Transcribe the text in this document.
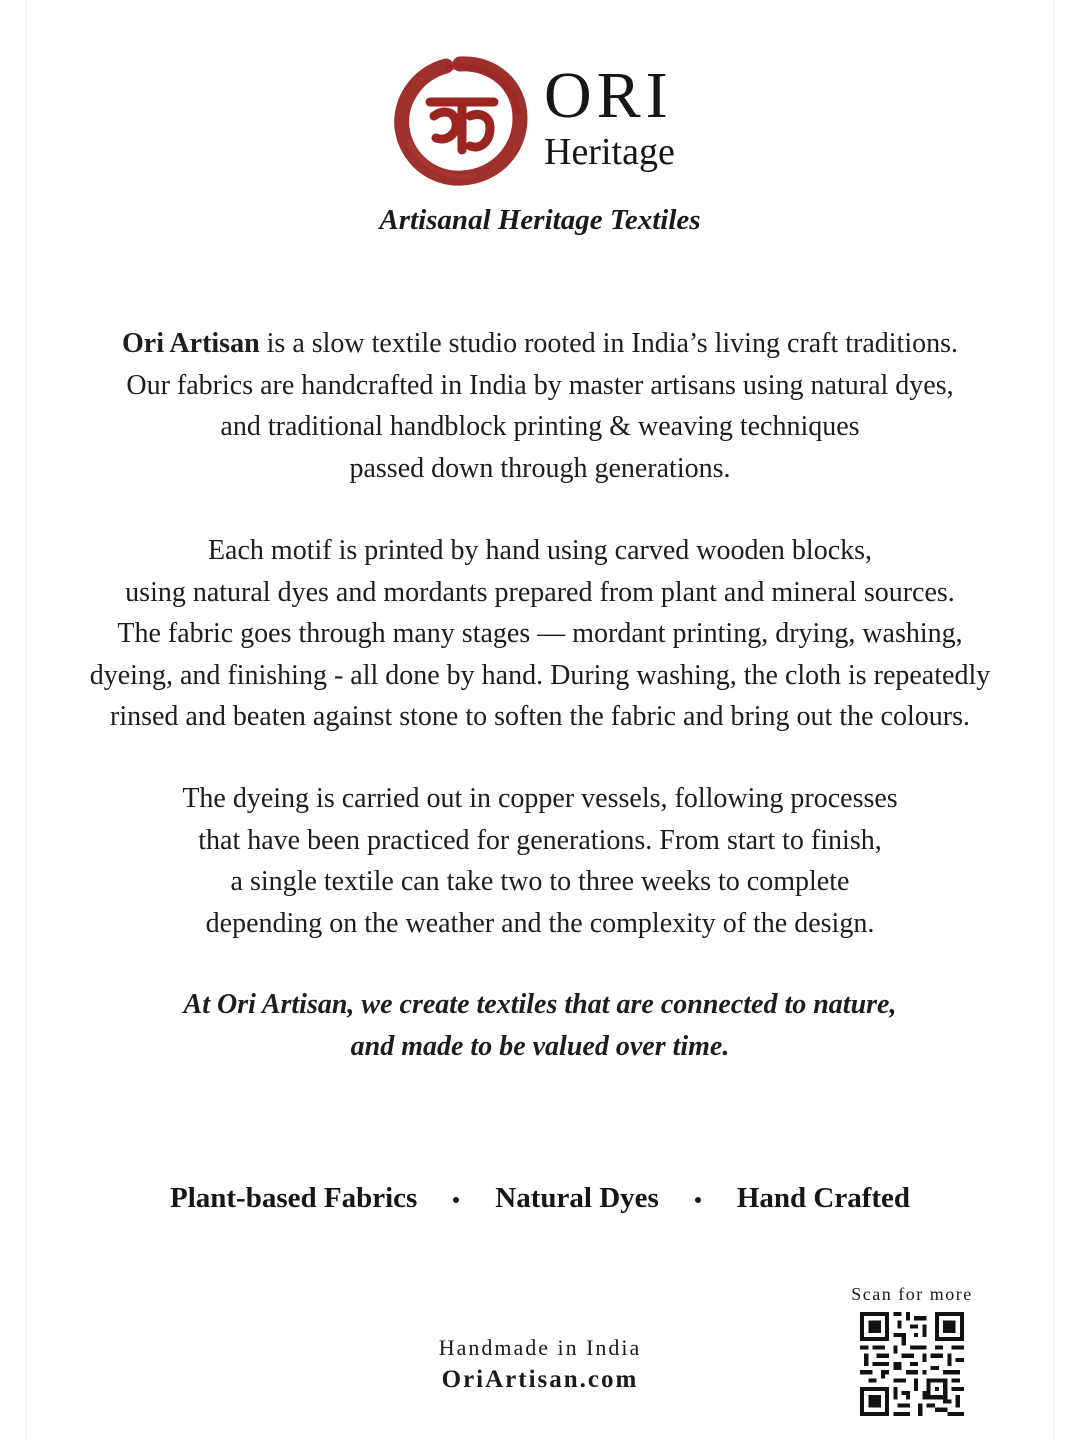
ORI
Heritage
Artisanal Heritage Textiles
Ori Artisan is a slow textile studio rooted in India’s living craft traditions.
Our fabrics are handcrafted in India by master artisans using natural dyes,
and traditional handblock printing & weaving techniques
passed down through generations.
Each motif is printed by hand using carved wooden blocks,
using natural dyes and mordants prepared from plant and mineral sources.
The fabric goes through many stages — mordant printing, drying, washing,
dyeing, and finishing - all done by hand. During washing, the cloth is repeatedly
rinsed and beaten against stone to soften the fabric and bring out the colours.
The dyeing is carried out in copper vessels, following processes
that have been practiced for generations. From start to finish,
a single textile can take two to three weeks to complete
depending on the weather and the complexity of the design.
At Ori Artisan, we create textiles that are connected to nature,
and made to be valued over time.
Plant-based Fabrics	Natural Dyes	Hand Crafted
Handmade in India
OriArtisan.com
Scan for more
